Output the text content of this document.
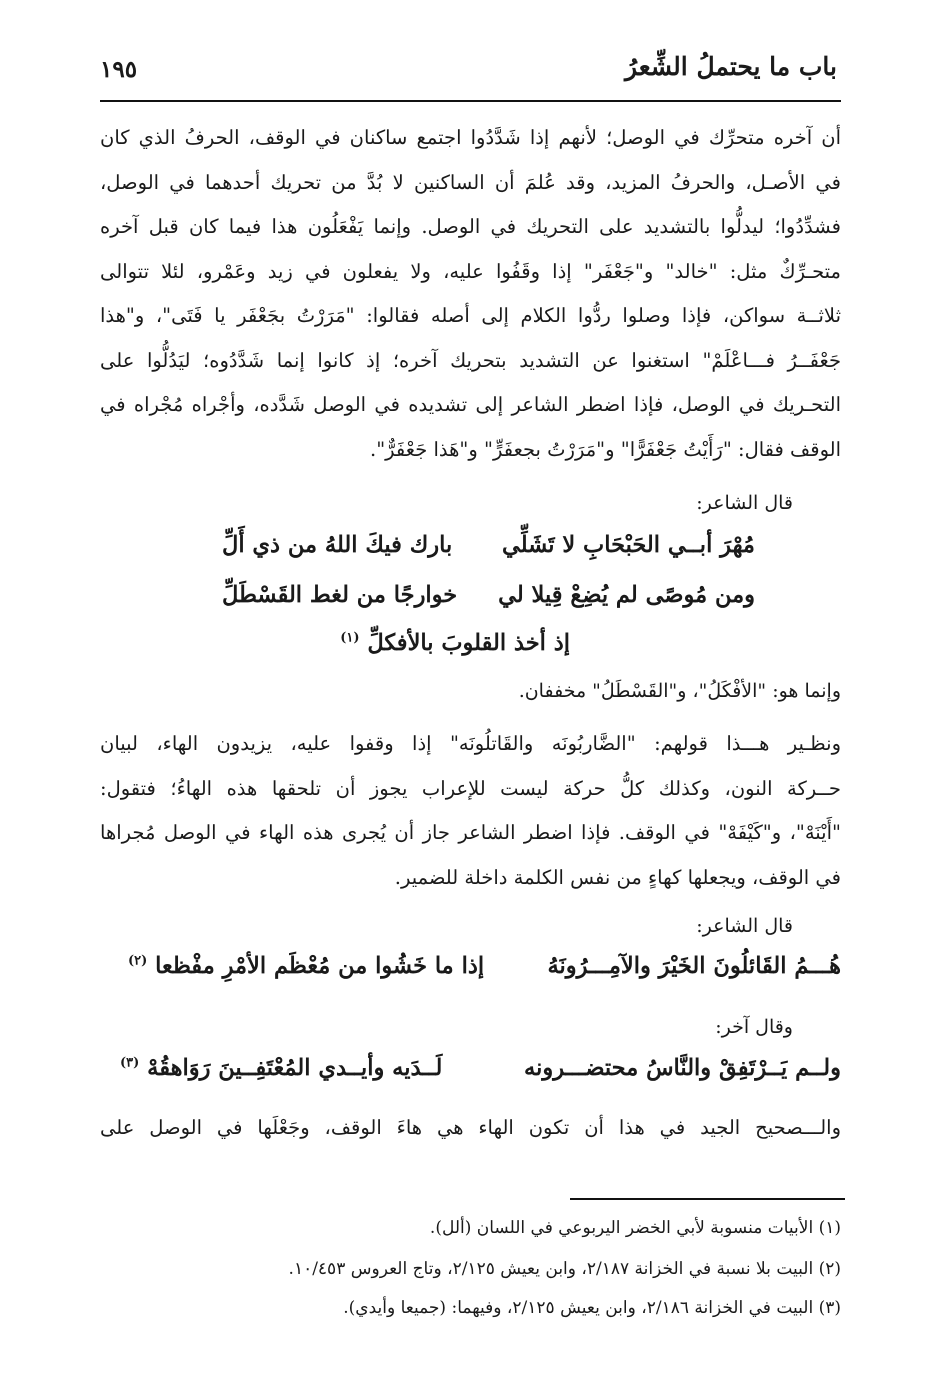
باب ما يحتملُ الشِّعرُ
١٩٥
أن آخره متحرِّك في الوصل؛ لأنهم إذا شَدَّدُوا اجتمع ساكنان في الوقف، الحرفُ الذي كان
في الأصـل، والحرفُ المزيد، وقد عُلمَ أن الساكنين لا بُدَّ من تحريك أحدهما في الوصل،
فشدِّدُوا؛ ليدلُّوا بالتشديد على التحريك في الوصل. وإنما يَفْعَلُون هذا فيما كان قبل آخره
متحـرِّكٌ مثل: "خالد" و"جَعْفَر" إذا وقَفُوا عليه، ولا يفعلون في زيد وعَمْرو، لئلا تتوالى
ثلاثــة سواكن، فإذا وصلوا ردُّوا الكلام إلى أصله فقالوا: "مَرَرْتُ بجَعْفَر يا فَتَى"، و"هذا
جَعْفَــرُ فـــاعْلَمْ" استغنوا عن التشديد بتحريك آخره؛ إذ كانوا إنما شَدَّدُوه؛ ليَدُلُّوا على
التحـريك في الوصل، فإذا اضطر الشاعر إلى تشديده في الوصل شَدَّده، وأجْراه مُجْراه في
الوقف فقال: "رَأَيْتُ جَعْفَرًّا" و"مَرَرْتُ بجعفَرٍّ" و"هَذا جَعْفَرٌّ".
قال الشاعر:
مُهْرَ أبــي الحَبْحَابِ لا تَشَلِّي
بارك فيكَ اللهُ من ذي أَلِّ
ومن مُوصًى لم يُضِعْ قِيلا لي
خوارجًا من لغط القَسْطَلِّ
إذ أخذ القلوبَ بالأفكلِّ $^{(١)}$
وإنما هو: "الأفْكَلُ"، و"القَسْطَلُ" مخففان.
ونظـير هـــذا قولهم: "الضَّاربُونَه والقَاتلُونَه" إذا وقفوا عليه، يزيدون الهاء، لبيان
حــركة النون، وكذلك كلُّ حركة ليست للإعراب يجوز أن تلحقها هذه الهاءُ؛ فتقول:
"أَيْنَهْ"، و"كَيْفَهْ" في الوقف. فإذا اضطر الشاعر جاز أن يُجرى هذه الهاء في الوصل مُجراها
في الوقف، ويجعلها كهاءٍ من نفس الكلمة داخلة للضمير.
قال الشاعر:
هُـــمُ القَائلُونَ الخَيْرَ والآمِـــرُونَهُ
إذا ما خَشُوا من مُعْظَم الأمْرِ مفْظعا $^{(٢)}$
وقال آخر:
ولــم يَــرْتَفِقْ والنَّاسُ محتضـــرونه
لَــدَيه وأيــدي المُعْتَفِــينَ رَوَاهقُهْ $^{(٣)}$
والـــصحيح الجيد في هذا أن تكون الهاء هي هاءَ الوقف، وجَعْلَها في الوصل على
(١) الأبيات منسوبة لأبي الخضر اليربوعي في اللسان (ألل).
(٢) البيت بلا نسبة في الخزانة ٢/١٨٧، وابن يعيش ٢/١٢٥، وتاج العروس ١٠/٤٥٣.
(٣) البيت في الخزانة ٢/١٨٦، وابن يعيش ٢/١٢٥، وفيهما: (جميعا وأيدي).
